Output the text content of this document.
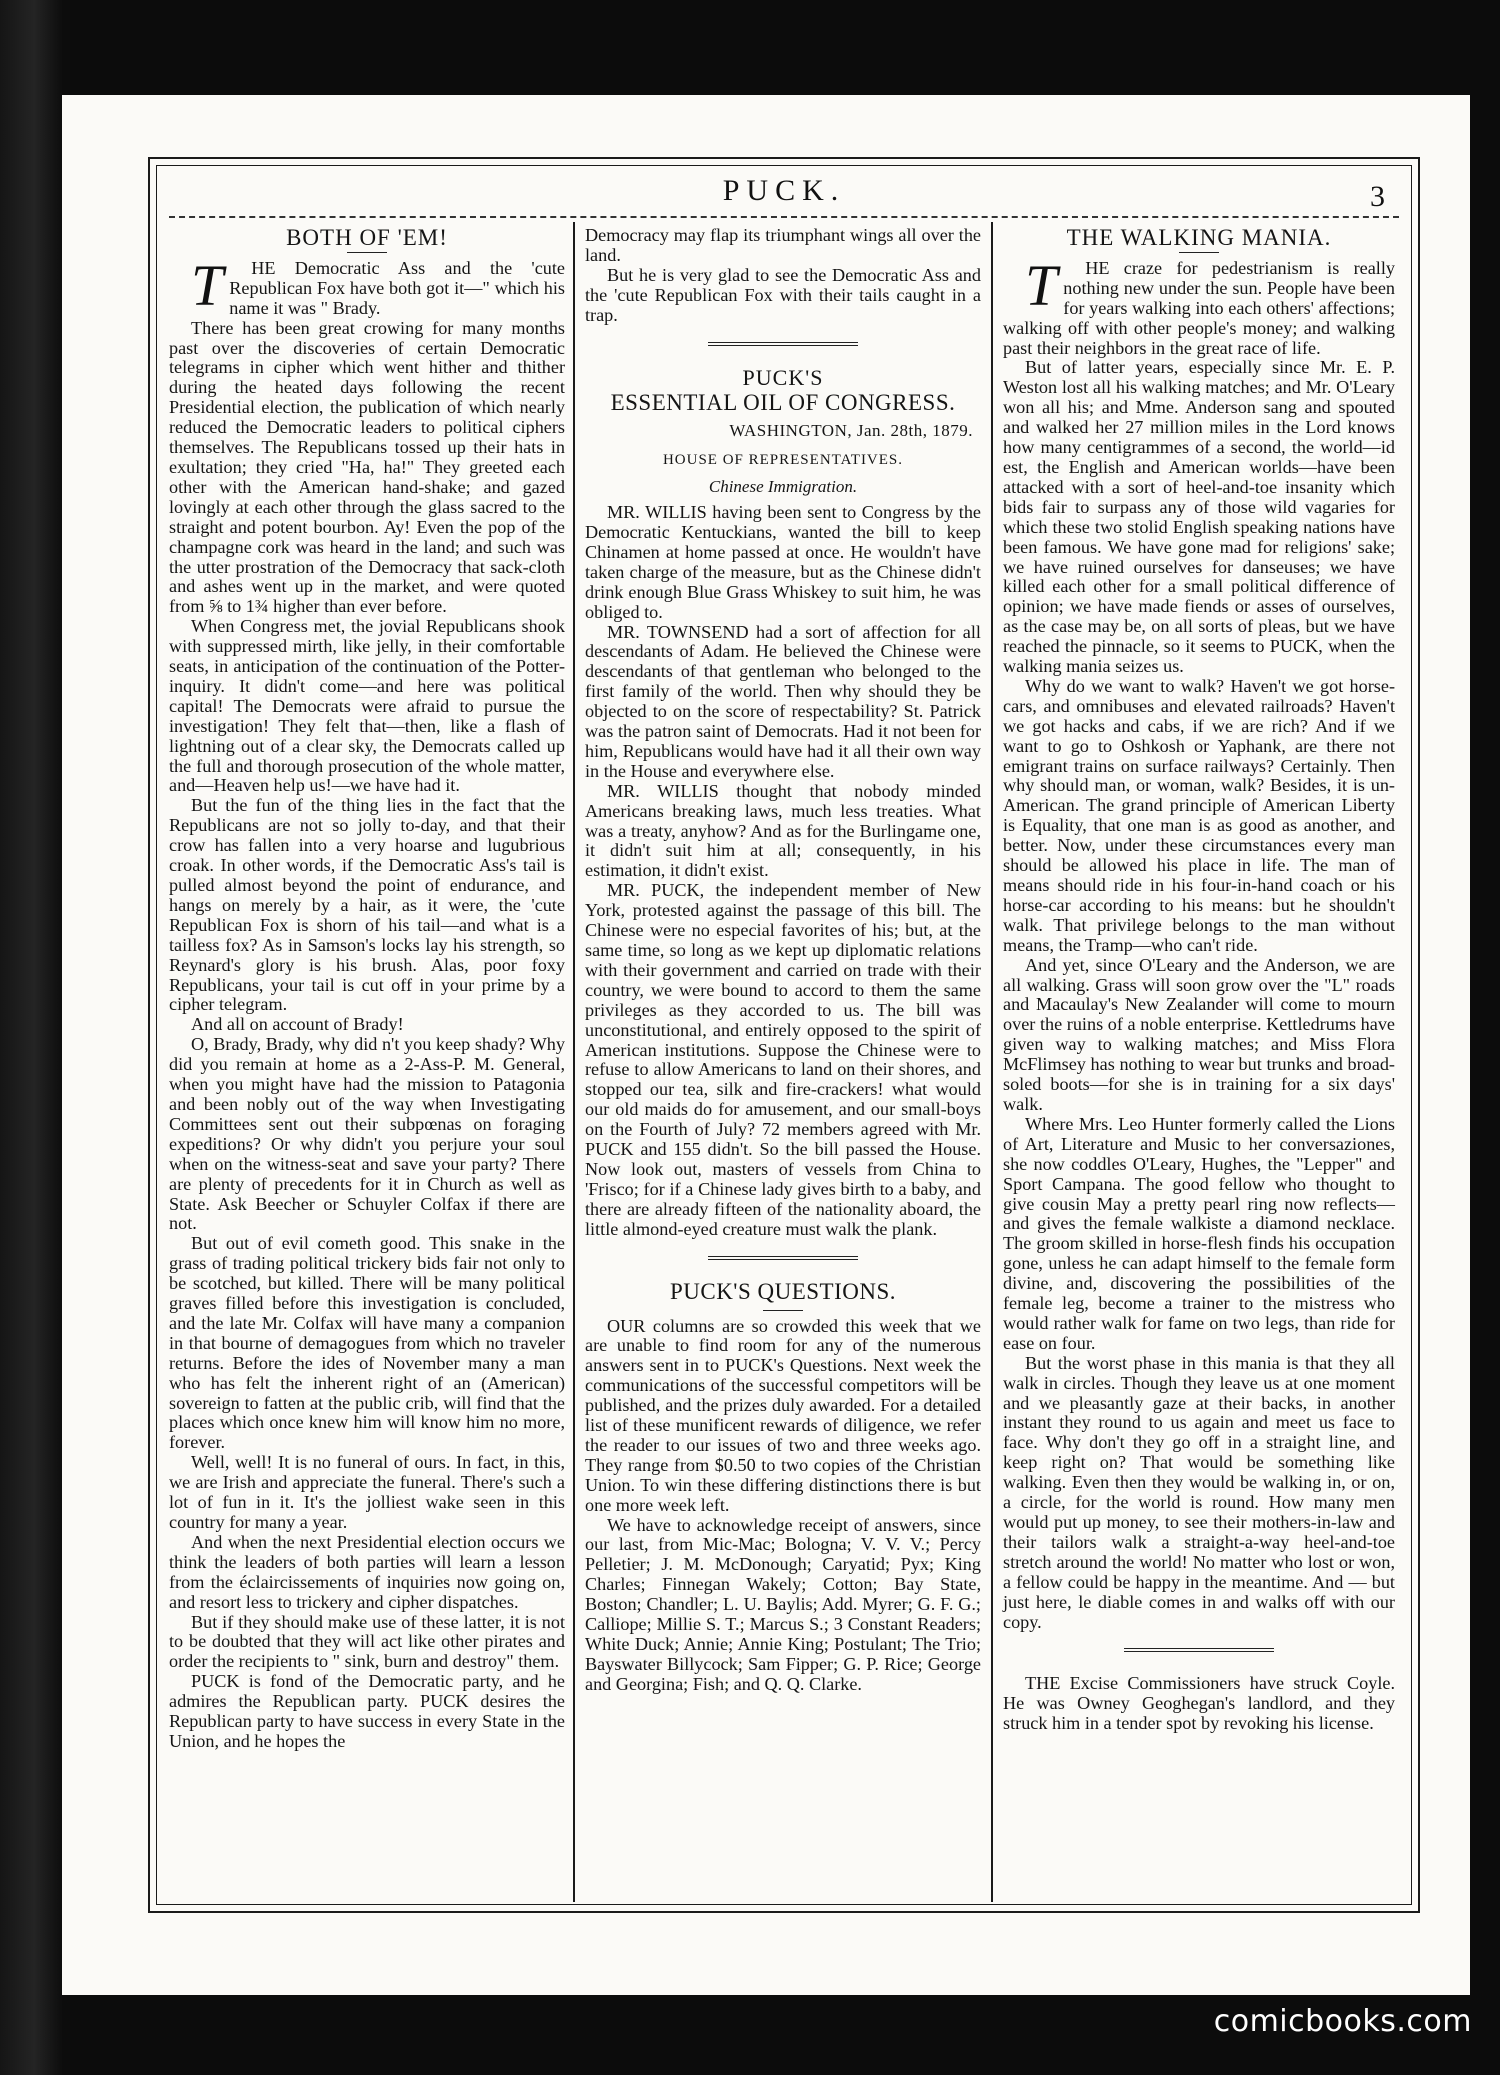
PUCK.	3
BOTH OF 'EM!

T HE Democratic Ass and the 'cute Republican Fox have both got it—" which his name it was " Brady.

There has been great crowing for many months past over the discoveries of certain Democratic telegrams in cipher which went hither and thither during the heated days following the recent Presidential election, the publication of which nearly reduced the Democratic leaders to political ciphers themselves. The Republicans tossed up their hats in exultation; they cried "Ha, ha!" They greeted each other with the American hand-shake; and gazed lovingly at each other through the glass sacred to the straight and potent bourbon. Ay! Even the pop of the champagne cork was heard in the land; and such was the utter prostration of the Democracy that sack-cloth and ashes went up in the market, and were quoted from ⅝ to 1¾ higher than ever before.

When Congress met, the jovial Republicans shook with suppressed mirth, like jelly, in their comfortable seats, in anticipation of the continuation of the Potter-inquiry. It didn't come—and here was political capital! The Democrats were afraid to pursue the investigation! They felt that—then, like a flash of lightning out of a clear sky, the Democrats called up the full and thorough prosecution of the whole matter, and—Heaven help us!—we have had it.

But the fun of the thing lies in the fact that the Republicans are not so jolly to-day, and that their crow has fallen into a very hoarse and lugubrious croak. In other words, if the Democratic Ass's tail is pulled almost beyond the point of endurance, and hangs on merely by a hair, as it were, the 'cute Republican Fox is shorn of his tail—and what is a tailless fox? As in Samson's locks lay his strength, so Reynard's glory is his brush. Alas, poor foxy Republicans, your tail is cut off in your prime by a cipher telegram.

And all on account of Brady!

O, Brady, Brady, why did n't you keep shady? Why did you remain at home as a 2-Ass-P. M. General, when you might have had the mission to Patagonia and been nobly out of the way when Investigating Committees sent out their subpœnas on foraging expeditions? Or why didn't you perjure your soul when on the witness-seat and save your party? There are plenty of precedents for it in Church as well as State. Ask Beecher or Schuyler Colfax if there are not.

But out of evil cometh good. This snake in the grass of trading political trickery bids fair not only to be scotched, but killed. There will be many political graves filled before this investigation is concluded, and the late Mr. Colfax will have many a companion in that bourne of demagogues from which no traveler returns. Before the ides of November many a man who has felt the inherent right of an (American) sovereign to fatten at the public crib, will find that the places which once knew him will know him no more, forever.

Well, well! It is no funeral of ours. In fact, in this, we are Irish and appreciate the funeral. There's such a lot of fun in it. It's the jolliest wake seen in this country for many a year.

And when the next Presidential election occurs we think the leaders of both parties will learn a lesson from the éclaircissements of inquiries now going on, and resort less to trickery and cipher dispatches.

But if they should make use of these latter, it is not to be doubted that they will act like other pirates and order the recipients to " sink, burn and destroy" them.

PUCK is fond of the Democratic party, and he admires the Republican party. PUCK desires the Republican party to have success in every State in the Union, and he hopes the

Democracy may flap its triumphant wings all over the land.

But he is very glad to see the Democratic Ass and the 'cute Republican Fox with their tails caught in a trap.

PUCK'S
ESSENTIAL OIL OF CONGRESS.
WASHINGTON, Jan. 28th, 1879.
HOUSE OF REPRESENTATIVES.
Chinese Immigration.

MR. WILLIS having been sent to Congress by the Democratic Kentuckians, wanted the bill to keep Chinamen at home passed at once. He wouldn't have taken charge of the measure, but as the Chinese didn't drink enough Blue Grass Whiskey to suit him, he was obliged to.

MR. TOWNSEND had a sort of affection for all descendants of Adam. He believed the Chinese were descendants of that gentleman who belonged to the first family of the world. Then why should they be objected to on the score of respectability? St. Patrick was the patron saint of Democrats. Had it not been for him, Republicans would have had it all their own way in the House and everywhere else.

MR. WILLIS thought that nobody minded Americans breaking laws, much less treaties. What was a treaty, anyhow? And as for the Burlingame one, it didn't suit him at all; consequently, in his estimation, it didn't exist.

MR. PUCK, the independent member of New York, protested against the passage of this bill. The Chinese were no especial favorites of his; but, at the same time, so long as we kept up diplomatic relations with their government and carried on trade with their country, we were bound to accord to them the same privileges as they accorded to us. The bill was unconstitutional, and entirely opposed to the spirit of American institutions. Suppose the Chinese were to refuse to allow Americans to land on their shores, and stopped our tea, silk and fire-crackers! what would our old maids do for amusement, and our small-boys on the Fourth of July? 72 members agreed with Mr. PUCK and 155 didn't. So the bill passed the House. Now look out, masters of vessels from China to 'Frisco; for if a Chinese lady gives birth to a baby, and there are already fifteen of the nationality aboard, the little almond-eyed creature must walk the plank.

PUCK'S QUESTIONS.

OUR columns are so crowded this week that we are unable to find room for any of the numerous answers sent in to PUCK's Questions. Next week the communications of the successful competitors will be published, and the prizes duly awarded. For a detailed list of these munificent rewards of diligence, we refer the reader to our issues of two and three weeks ago. They range from $0.50 to two copies of the Christian Union. To win these differing distinctions there is but one more week left.

We have to acknowledge receipt of answers, since our last, from Mic-Mac; Bologna; V. V. V.; Percy Pelletier; J. M. McDonough; Caryatid; Pyx; King Charles; Finnegan Wakely; Cotton; Bay State, Boston; Chandler; L. U. Baylis; Add. Myrer; G. F. G.; Calliope; Millie S. T.; Marcus S.; 3 Constant Readers; White Duck; Annie; Annie King; Postulant; The Trio; Bayswater Billycock; Sam Fipper; G. P. Rice; George and Georgina; Fish; and Q. Q. Clarke.

THE WALKING MANIA.

T HE craze for pedestrianism is really nothing new under the sun. People have been for years walking into each others' affections; walking off with other people's money; and walking past their neighbors in the great race of life.

But of latter years, especially since Mr. E. P. Weston lost all his walking matches; and Mr. O'Leary won all his; and Mme. Anderson sang and spouted and walked her 27 million miles in the Lord knows how many centigrammes of a second, the world—id est, the English and American worlds—have been attacked with a sort of heel-and-toe insanity which bids fair to surpass any of those wild vagaries for which these two stolid English speaking nations have been famous. We have gone mad for religions' sake; we have ruined ourselves for danseuses; we have killed each other for a small political difference of opinion; we have made fiends or asses of ourselves, as the case may be, on all sorts of pleas, but we have reached the pinnacle, so it seems to PUCK, when the walking mania seizes us.

Why do we want to walk? Haven't we got horse-cars, and omnibuses and elevated railroads? Haven't we got hacks and cabs, if we are rich? And if we want to go to Oshkosh or Yaphank, are there not emigrant trains on surface railways? Certainly. Then why should man, or woman, walk? Besides, it is un-American. The grand principle of American Liberty is Equality, that one man is as good as another, and better. Now, under these circumstances every man should be allowed his place in life. The man of means should ride in his four-in-hand coach or his horse-car according to his means: but he shouldn't walk. That privilege belongs to the man without means, the Tramp—who can't ride.

And yet, since O'Leary and the Anderson, we are all walking. Grass will soon grow over the "L" roads and Macaulay's New Zealander will come to mourn over the ruins of a noble enterprise. Kettledrums have given way to walking matches; and Miss Flora McFlimsey has nothing to wear but trunks and broad-soled boots—for she is in training for a six days' walk.

Where Mrs. Leo Hunter formerly called the Lions of Art, Literature and Music to her conversaziones, she now coddles O'Leary, Hughes, the "Lepper" and Sport Campana. The good fellow who thought to give cousin May a pretty pearl ring now reflects—and gives the female walkiste a diamond necklace. The groom skilled in horse-flesh finds his occupation gone, unless he can adapt himself to the female form divine, and, discovering the possibilities of the female leg, become a trainer to the mistress who would rather walk for fame on two legs, than ride for ease on four.

But the worst phase in this mania is that they all walk in circles. Though they leave us at one moment and we pleasantly gaze at their backs, in another instant they round to us again and meet us face to face. Why don't they go off in a straight line, and keep right on? That would be something like walking. Even then they would be walking in, or on, a circle, for the world is round. How many men would put up money, to see their mothers-in-law and their tailors walk a straight-a-way heel-and-toe stretch around the world! No matter who lost or won, a fellow could be happy in the meantime. And — but just here, le diable comes in and walks off with our copy.

THE Excise Commissioners have struck Coyle. He was Owney Geoghegan's landlord, and they struck him in a tender spot by revoking his license.

comicbooks.com
